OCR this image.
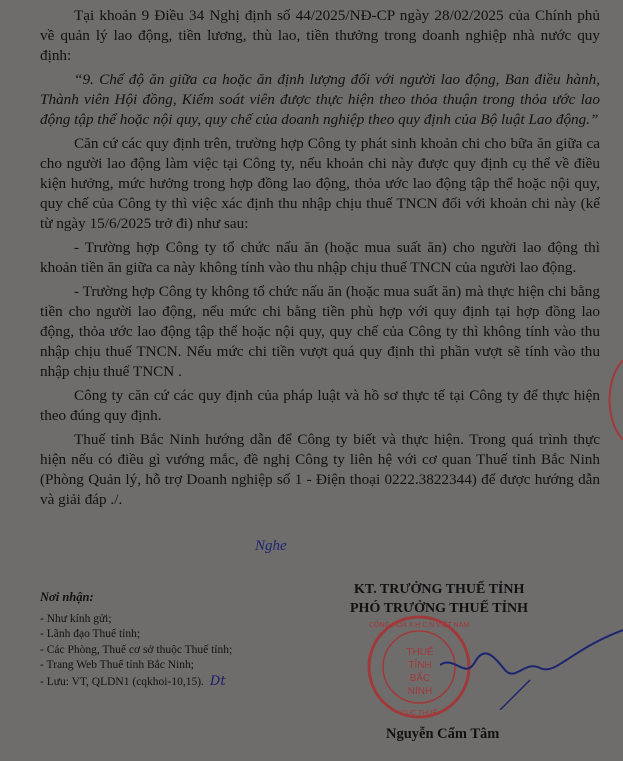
Tại khoản 9 Điều 34 Nghị định số 44/2025/NĐ-CP ngày 28/02/2025 của Chính phủ về quản lý lao động, tiền lương, thù lao, tiền thưởng trong doanh nghiệp nhà nước quy định:

“9. Chế độ ăn giữa ca hoặc ăn định lượng đối với người lao động, Ban điều hành, Thành viên Hội đồng, Kiểm soát viên được thực hiện theo thỏa thuận trong thỏa ước lao động tập thể hoặc nội quy, quy chế của doanh nghiệp theo quy định của Bộ luật Lao động.”

Căn cứ các quy định trên, trường hợp Công ty phát sinh khoản chi cho bữa ăn giữa ca cho người lao động làm việc tại Công ty, nếu khoản chi này được quy định cụ thể về điều kiện hưởng, mức hưởng trong hợp đồng lao động, thỏa ước lao động tập thể hoặc nội quy, quy chế của Công ty thì việc xác định thu nhập chịu thuế TNCN đối với khoản chi này (kể từ ngày 15/6/2025 trở đi) như sau:

- Trường hợp Công ty tổ chức nấu ăn (hoặc mua suất ăn) cho người lao động thì khoản tiền ăn giữa ca này không tính vào thu nhập chịu thuế TNCN của người lao động.

- Trường hợp Công ty không tổ chức nấu ăn (hoặc mua suất ăn) mà thực hiện chi bằng tiền cho người lao động, nếu mức chi bằng tiền phù hợp với quy định tại hợp đồng lao động, thỏa ước lao động tập thể hoặc nội quy, quy chế của Công ty thì không tính vào thu nhập chịu thuế TNCN. Nếu mức chi tiền vượt quá quy định thì phần vượt sẽ tính vào thu nhập chịu thuế TNCN .

Công ty căn cứ các quy định của pháp luật và hồ sơ thực tế tại Công ty để thực hiện theo đúng quy định.

Thuế tỉnh Bắc Ninh hướng dẫn để Công ty biết và thực hiện. Trong quá trình thực hiện nếu có điều gì vướng mắc, đề nghị Công ty liên hệ với cơ quan Thuế tỉnh Bắc Ninh (Phòng Quản lý, hỗ trợ Doanh nghiệp số 1 - Điện thoại 0222.3822344) để được hướng dẫn và giải đáp ./.

Nghe
Nơi nhận:
- Như kính gửi;
- Lãnh đạo Thuế tỉnh;
- Các Phòng, Thuế cơ sở thuộc Thuế tỉnh;
- Trang Web Thuế tỉnh Bắc Ninh;
- Lưu: VT, QLDN1 (cqkhoi-10,15). Dt
KT. TRƯỞNG THUẾ TỈNH
PHÓ TRƯỞNG THUẾ TỈNH
CỘNG HÒA X.H.C.N VIỆT NAM
CỤC THUẾ
THUẾ
TỈNH
BẮC NINH
Nguyễn Cẩm Tâm
